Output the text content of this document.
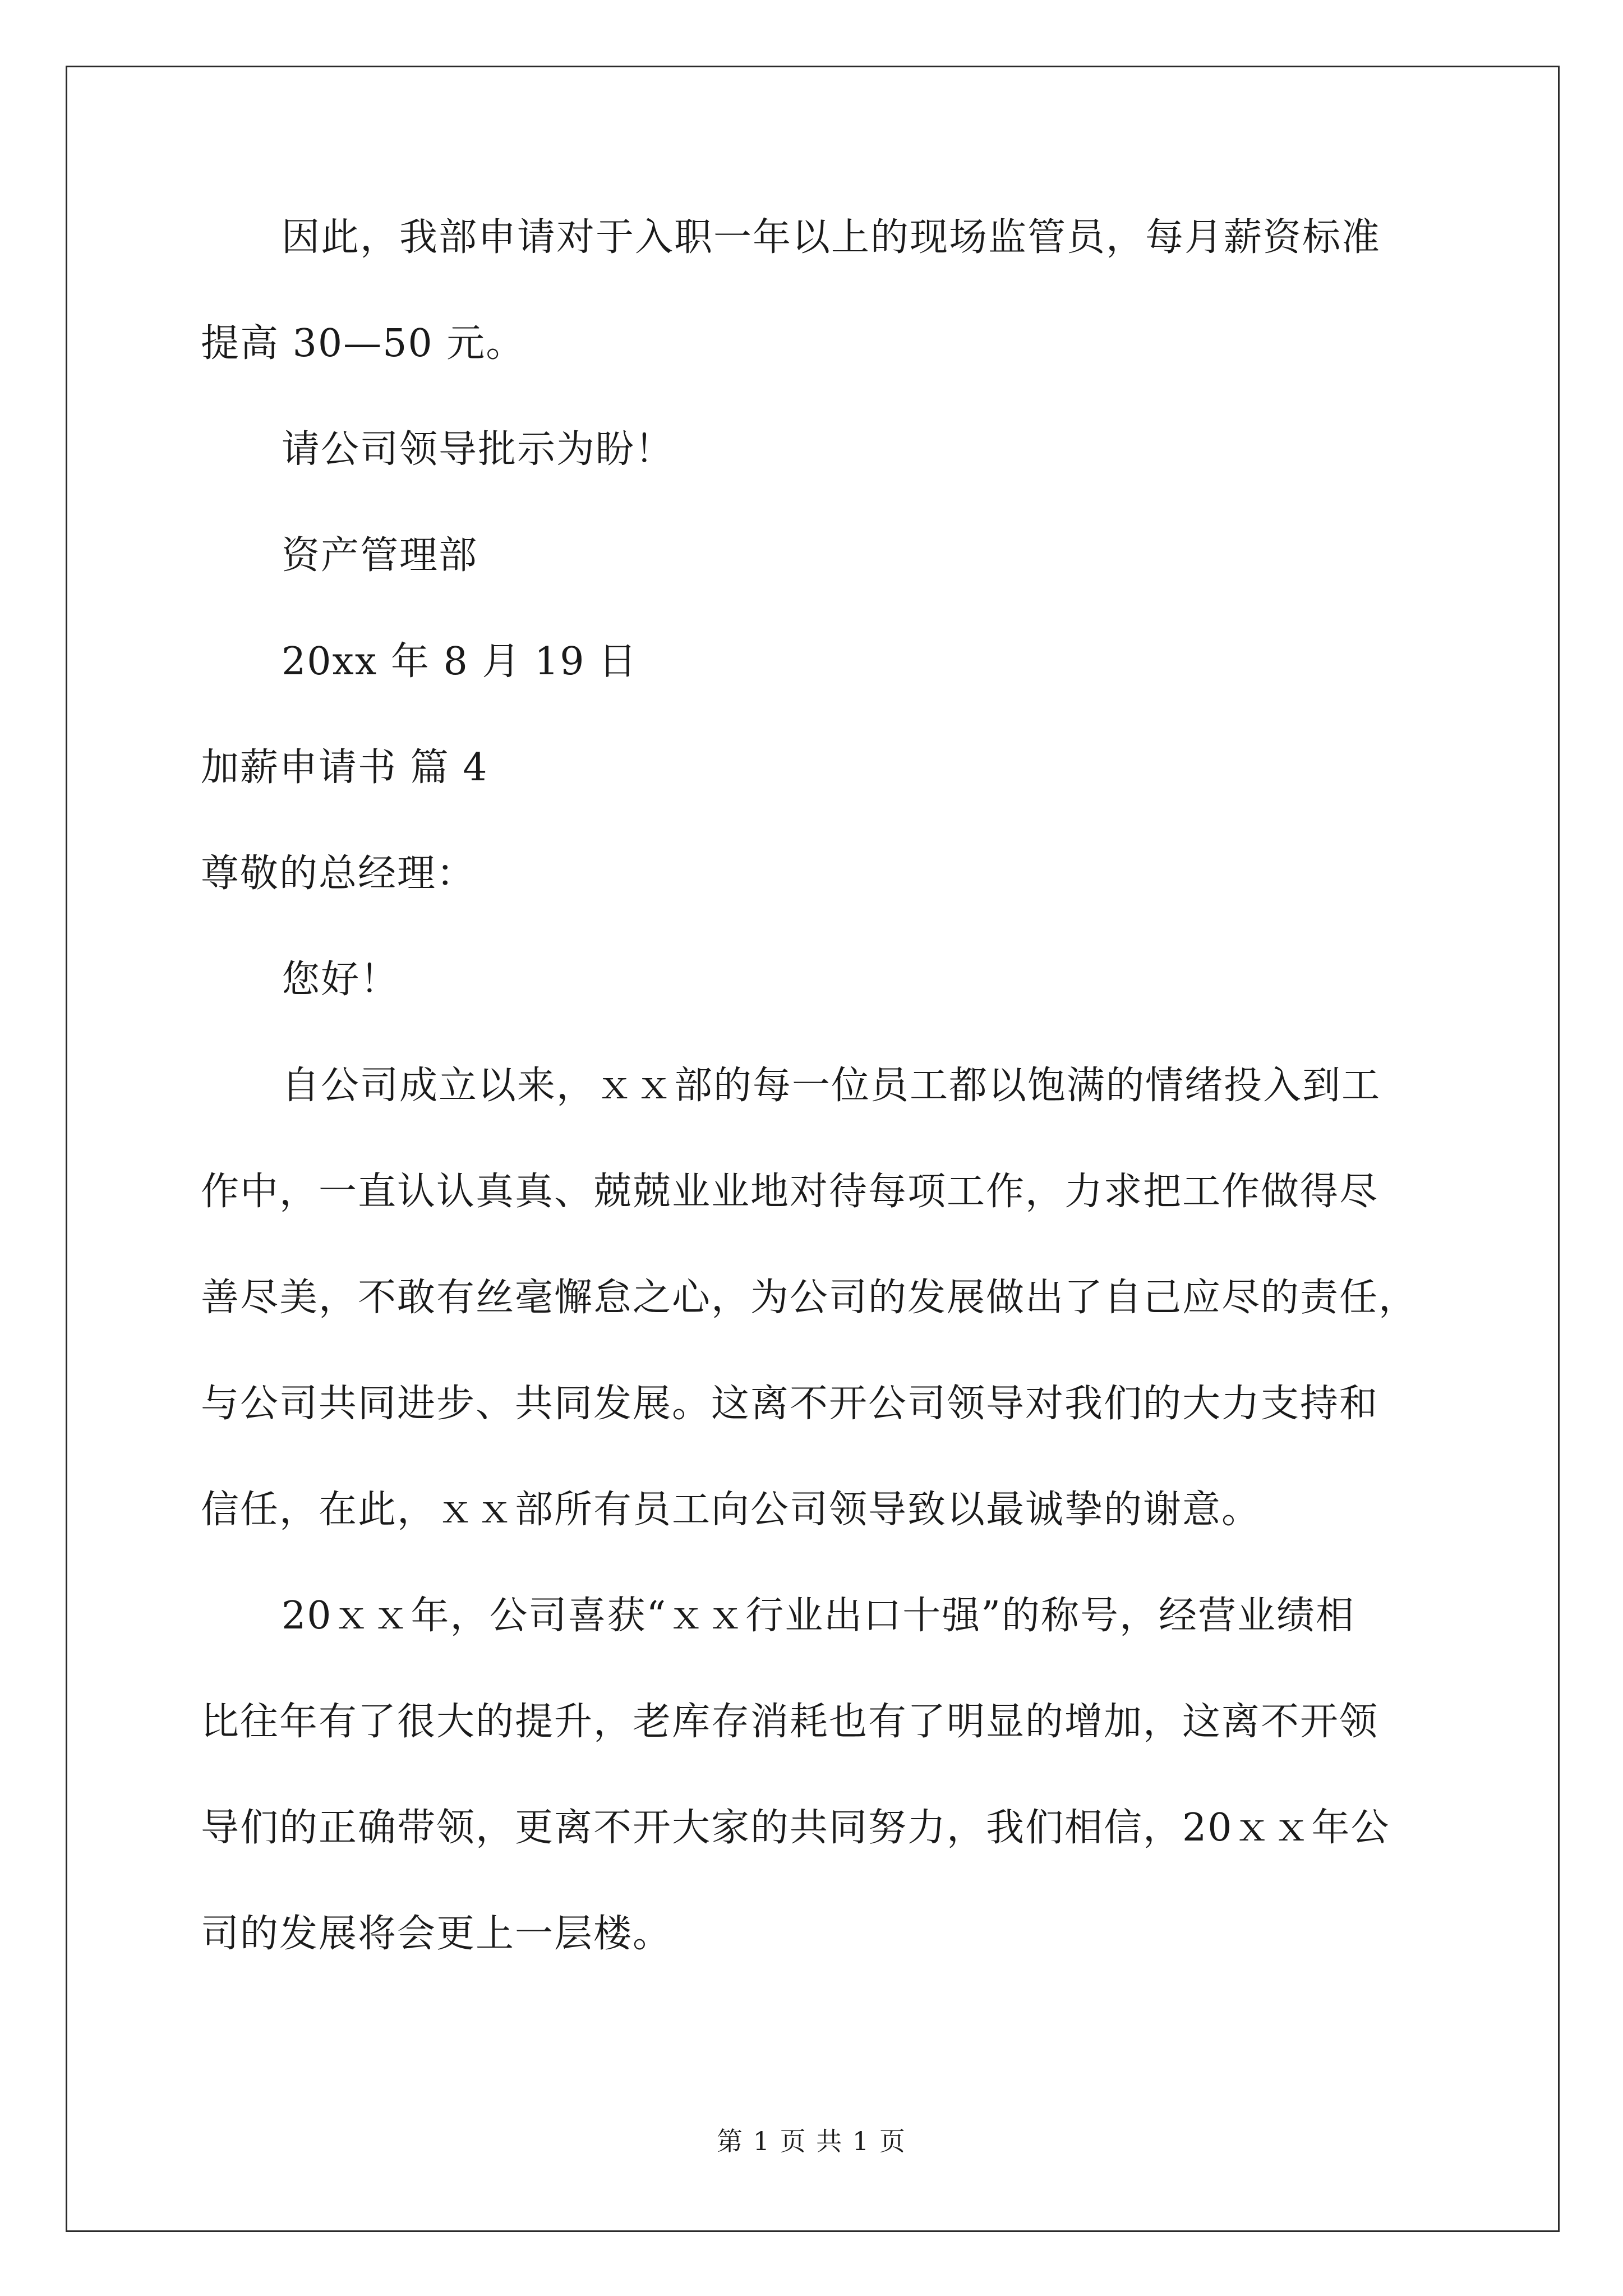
因此，我部申请对于入职一年以上的现场监管员，每月薪资标准
提高 30—50 元。
请公司领导批示为盼！
资产管理部
20xx 年 8 月 19 日
加薪申请书 篇 4
尊敬的总经理：
您好！
自公司成立以来，ｘｘ部的每一位员工都以饱满的情绪投入到工
作中，一直认认真真、兢兢业业地对待每项工作，力求把工作做得尽
善尽美，不敢有丝毫懈怠之心，为公司的发展做出了自己应尽的责任，
与公司共同进步、共同发展。这离不开公司领导对我们的大力支持和
信任，在此，ｘｘ部所有员工向公司领导致以最诚挚的谢意。
20ｘｘ年，公司喜获“ｘｘ行业出口十强”的称号，经营业绩相
比往年有了很大的提升，老库存消耗也有了明显的增加，这离不开领
导们的正确带领，更离不开大家的共同努力，我们相信，20ｘｘ年公
司的发展将会更上一层楼。
第 1 页 共 1 页
